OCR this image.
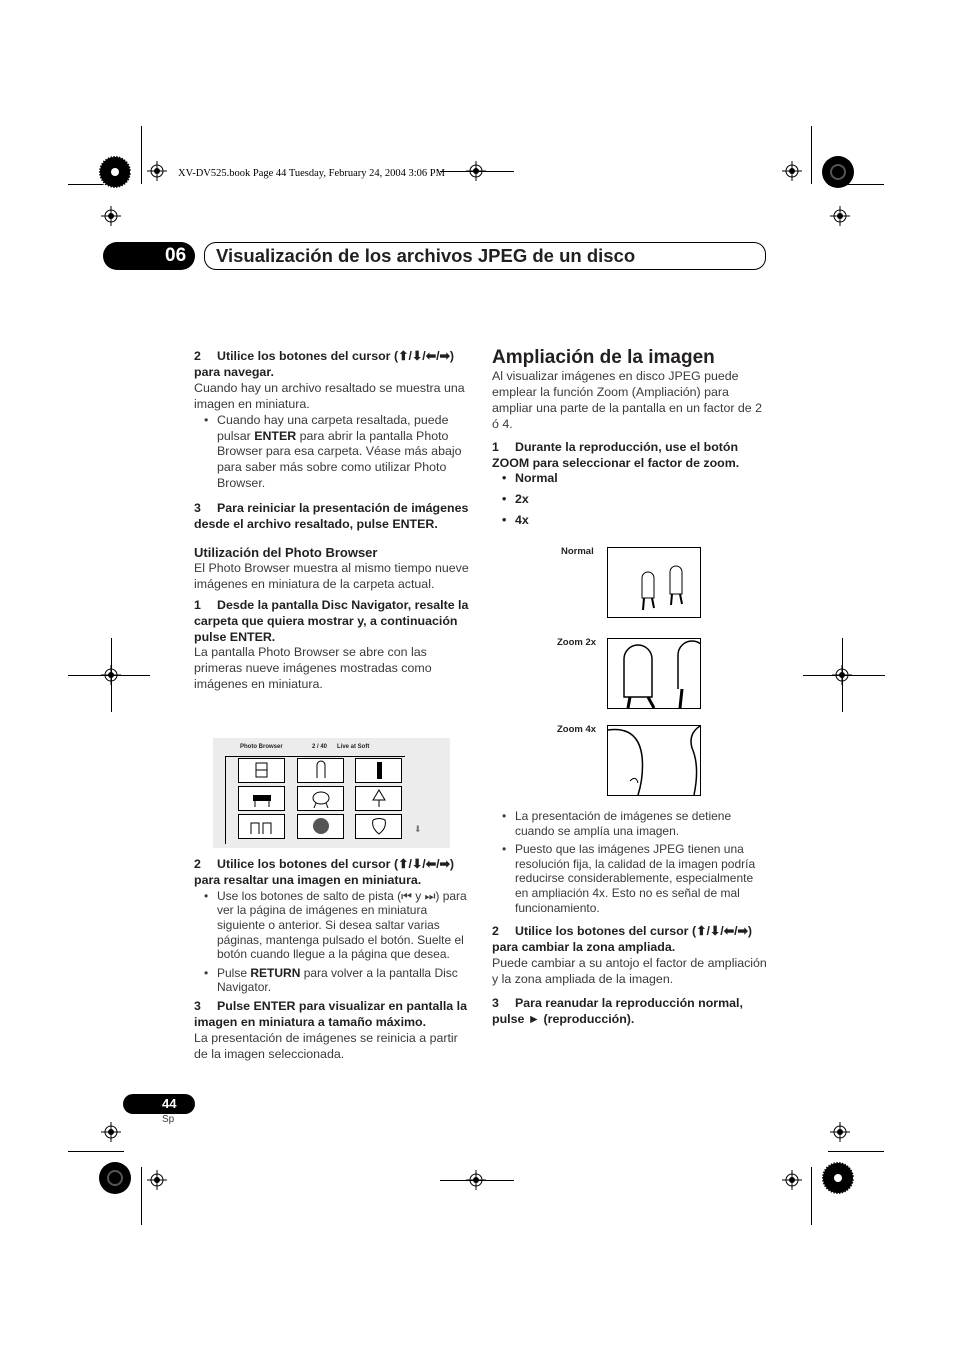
XV-DV525.book Page 44 Tuesday, February 24, 2004 3:06 PM
06	Visualización de los archivos JPEG de un disco

2 Utilice los botones del cursor (⬆/⬇/⬅/➡) para navegar.

Cuando hay un archivo resaltado se muestra una imagen en miniatura.

• Cuando hay una carpeta resaltada, puede pulsar ENTER para abrir la pantalla Photo Browser para esa carpeta. Véase más abajo para saber más sobre como utilizar Photo Browser.

3 Para reiniciar la presentación de imágenes desde el archivo resaltado, pulse ENTER.

Utilización del Photo Browser

El Photo Browser muestra al mismo tiempo nueve imágenes en miniatura de la carpeta actual.

1 Desde la pantalla Disc Navigator, resalte la carpeta que quiera mostrar y, a continuación pulse ENTER.

La pantalla Photo Browser se abre con las primeras nueve imágenes mostradas como imágenes en miniatura.

Photo Browser	2 / 40 Live at Soft
⬇

2 Utilice los botones del cursor (⬆/⬇/⬅/➡) para resaltar una imagen en miniatura.

• Use los botones de salto de pista (⏮ y ⏭) para ver la página de imágenes en miniatura siguiente o anterior. Si desea saltar varias páginas, mantenga pulsado el botón. Suelte el botón cuando llegue a la página que desea.

• Pulse RETURN para volver a la pantalla Disc Navigator.

3 Pulse ENTER para visualizar en pantalla la imagen en miniatura a tamaño máximo.

La presentación de imágenes se reinicia a partir de la imagen seleccionada.

Ampliación de la imagen

Al visualizar imágenes en disco JPEG puede emplear la función Zoom (Ampliación) para ampliar una parte de la pantalla en un factor de 2 ó 4.

1 Durante la reproducción, use el botón ZOOM para seleccionar el factor de zoom.

• Normal

• 2x

• 4x

Normal
Zoom 2x
Zoom 4x

• La presentación de imágenes se detiene cuando se amplía una imagen.

• Puesto que las imágenes JPEG tienen una resolución fija, la calidad de la imagen podría reducirse considerablemente, especialmente en ampliación 4x. Esto no es señal de mal funcionamiento.

2 Utilice los botones del cursor (⬆/⬇/⬅/➡) para cambiar la zona ampliada.

Puede cambiar a su antojo el factor de ampliación y la zona ampliada de la imagen.

3 Para reanudar la reproducción normal, pulse ► (reproducción).

44
Sp
